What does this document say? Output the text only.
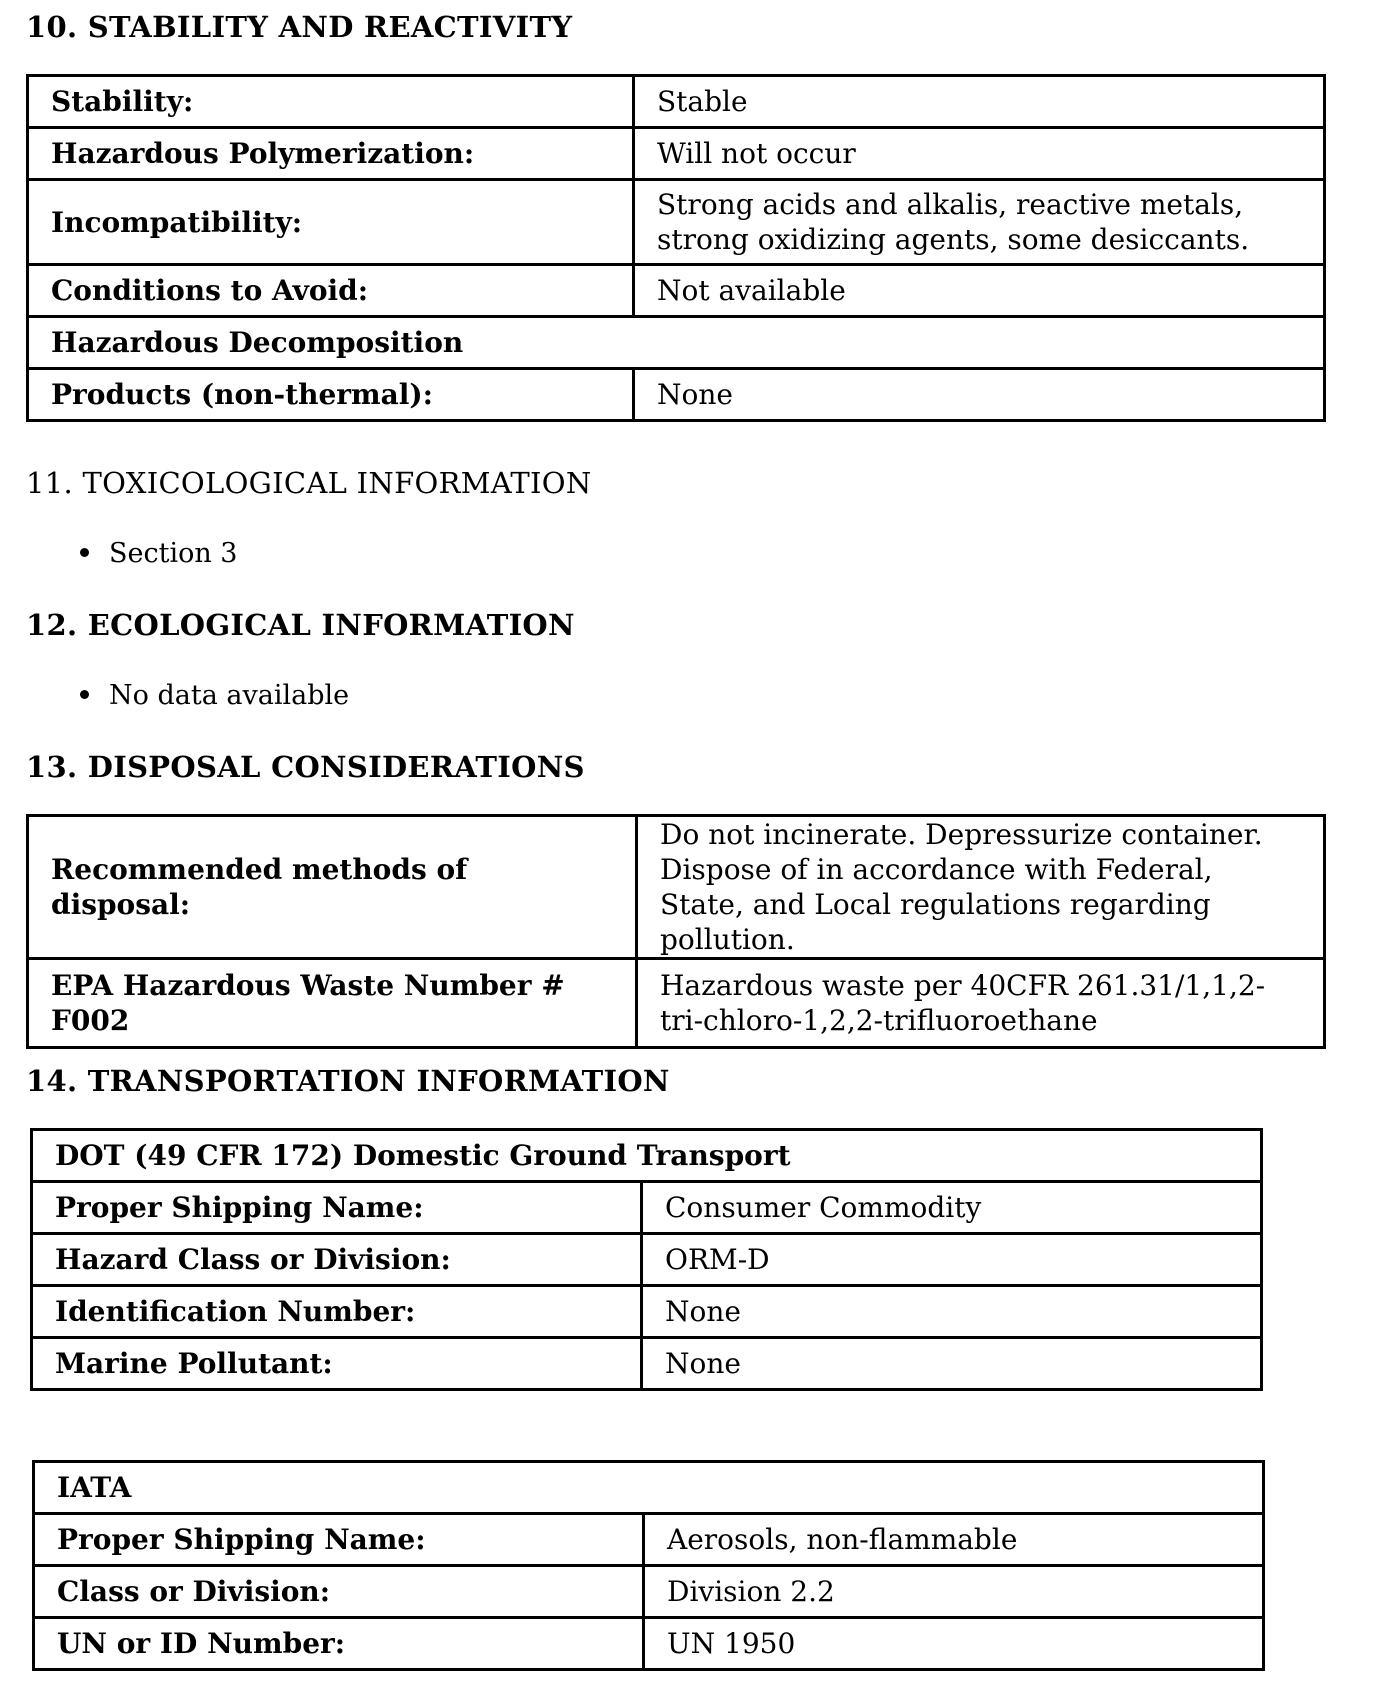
10. STABILITY AND REACTIVITY
Stability:	Stable
Hazardous Polymerization:	Will not occur
Incompatibility:	Strong acids and alkalis, reactive metals, strong oxidizing agents, some desiccants.
Conditions to Avoid:	Not available
Hazardous Decomposition	
Products (non-thermal):	None
11. TOXICOLOGICAL INFORMATION
Section 3
12. ECOLOGICAL INFORMATION
No data available
13. DISPOSAL CONSIDERATIONS
Recommended methods of disposal:	Do not incinerate. Depressurize container. Dispose of in accordance with Federal, State, and Local regulations regarding pollution.
EPA Hazardous Waste Number # F002	Hazardous waste per 40CFR 261.31/1,1,2-tri-chloro-1,2,2-trifluoroethane
14. TRANSPORTATION INFORMATION
DOT (49 CFR 172) Domestic Ground Transport	
Proper Shipping Name:	Consumer Commodity
Hazard Class or Division:	ORM-D
Identification Number:	None
Marine Pollutant:	None
IATA	
Proper Shipping Name:	Aerosols, non-flammable
Class or Division:	Division 2.2
UN or ID Number:	UN 1950
